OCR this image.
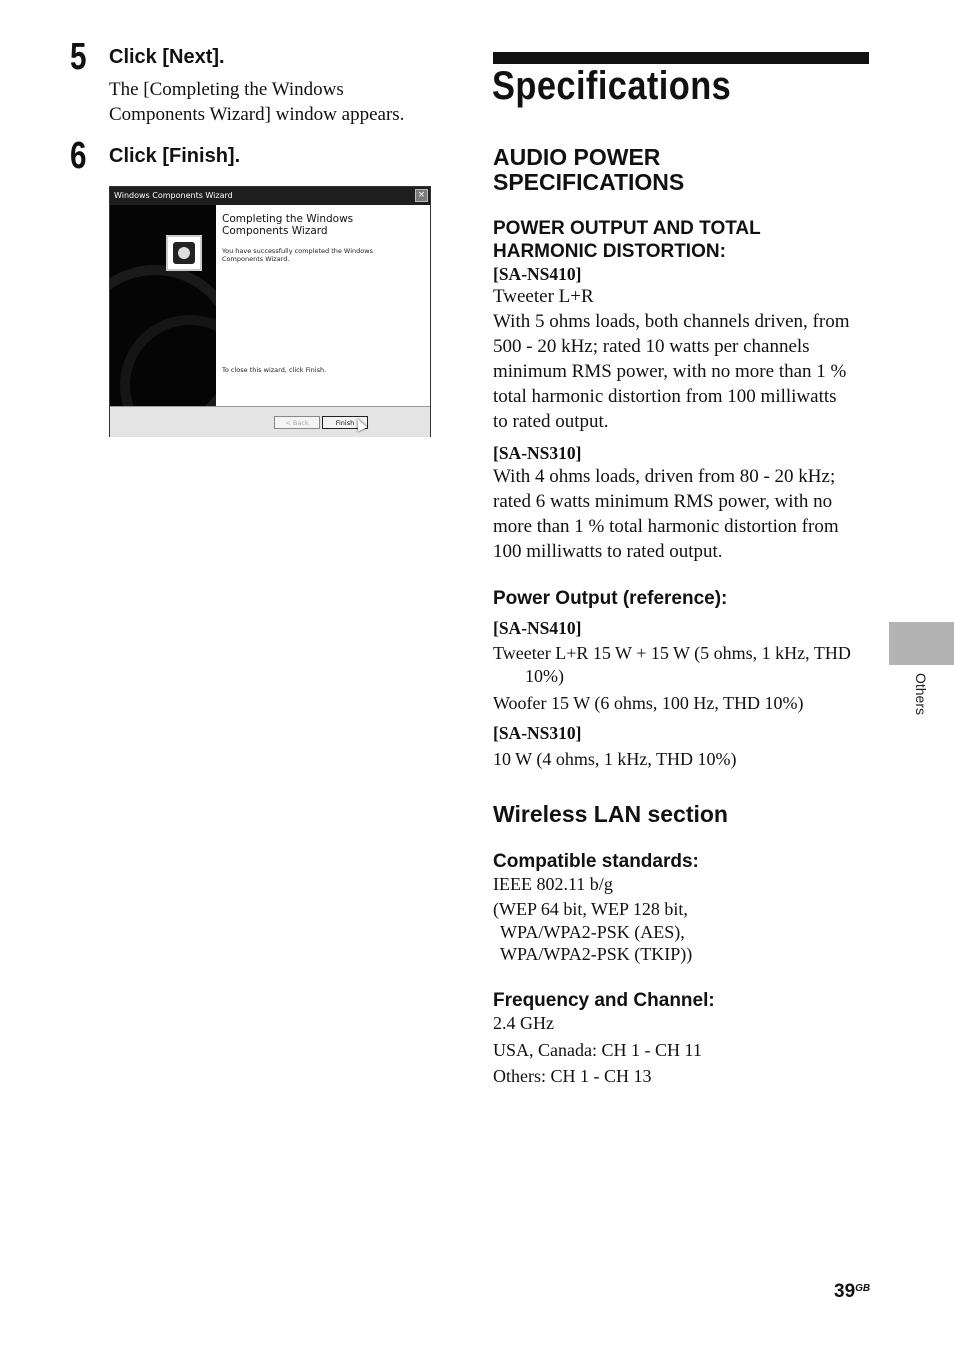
5 Click [Next].
The [Completing the Windows
Components Wizard] window appears.
6 Click [Finish].
Windows Components Wizard	×
Completing the Windows
Components Wizard
You have successfully completed the Windows
Components Wizard.
To close this wizard, click Finish.
< Back	Finish
Specifications
AUDIO POWER
SPECIFICATIONS
POWER OUTPUT AND TOTAL
HARMONIC DISTORTION:
[SA-NS410]
Tweeter L+R
With 5 ohms loads, both channels driven, from
500 - 20 kHz; rated 10 watts per channels
minimum RMS power, with no more than 1 %
total harmonic distortion from 100 milliwatts
to rated output.
[SA-NS310]
With 4 ohms loads, driven from 80 - 20 kHz;
rated 6 watts minimum RMS power, with no
more than 1 % total harmonic distortion from
100 milliwatts to rated output.
Power Output (reference):
[SA-NS410]
Tweeter L+R 15 W + 15 W (5 ohms, 1 kHz, THD
10%)
Woofer 15 W (6 ohms, 100 Hz, THD 10%)
[SA-NS310]
10 W (4 ohms, 1 kHz, THD 10%)
Wireless LAN section
Compatible standards:
IEEE 802.11 b/g
(WEP 64 bit, WEP 128 bit,
WPA/WPA2-PSK (AES),
WPA/WPA2-PSK (TKIP))
Frequency and Channel:
2.4 GHz
USA, Canada: CH 1 - CH 11
Others: CH 1 - CH 13
Others
$39^{GB}$
